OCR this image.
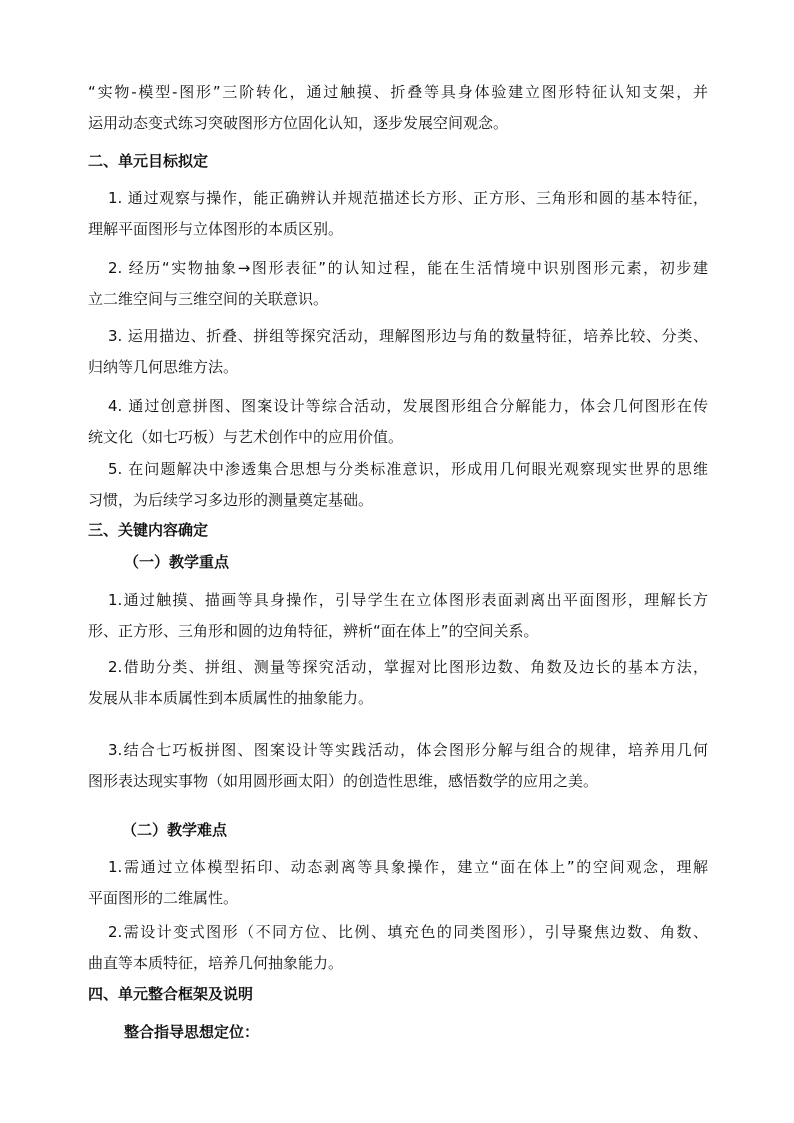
“实物-模型-图形”三阶转化，通过触摸、折叠等具身体验建立图形特征认知支架，并
运用动态变式练习突破图形方位固化认知，逐步发展空间观念。
二、单元目标拟定
1. 通过观察与操作，能正确辨认并规范描述长方形、正方形、三角形和圆的基本特征，
理解平面图形与立体图形的本质区别。
2. 经历“实物抽象→图形表征”的认知过程，能在生活情境中识别图形元素，初步建
立二维空间与三维空间的关联意识。
3. 运用描边、折叠、拼组等探究活动，理解图形边与角的数量特征，培养比较、分类、
归纳等几何思维方法。
4. 通过创意拼图、图案设计等综合活动，发展图形组合分解能力，体会几何图形在传
统文化（如七巧板）与艺术创作中的应用价值。
5. 在问题解决中渗透集合思想与分类标准意识，形成用几何眼光观察现实世界的思维
习惯，为后续学习多边形的测量奠定基础。
三、关键内容确定
（一）教学重点
1.通过触摸、描画等具身操作，引导学生在立体图形表面剥离出平面图形，理解长方
形、正方形、三角形和圆的边角特征，辨析“面在体上”的空间关系。
2.借助分类、拼组、测量等探究活动，掌握对比图形边数、角数及边长的基本方法，
发展从非本质属性到本质属性的抽象能力。
3.结合七巧板拼图、图案设计等实践活动，体会图形分解与组合的规律，培养用几何
图形表达现实事物（如用圆形画太阳）的创造性思维，感悟数学的应用之美。
（二）教学难点
1.需通过立体模型拓印、动态剥离等具象操作，建立“面在体上”的空间观念，理解
平面图形的二维属性。
2.需设计变式图形（不同方位、比例、填充色的同类图形），引导聚焦边数、角数、
曲直等本质特征，培养几何抽象能力。
四、单元整合框架及说明
整合指导思想定位：
